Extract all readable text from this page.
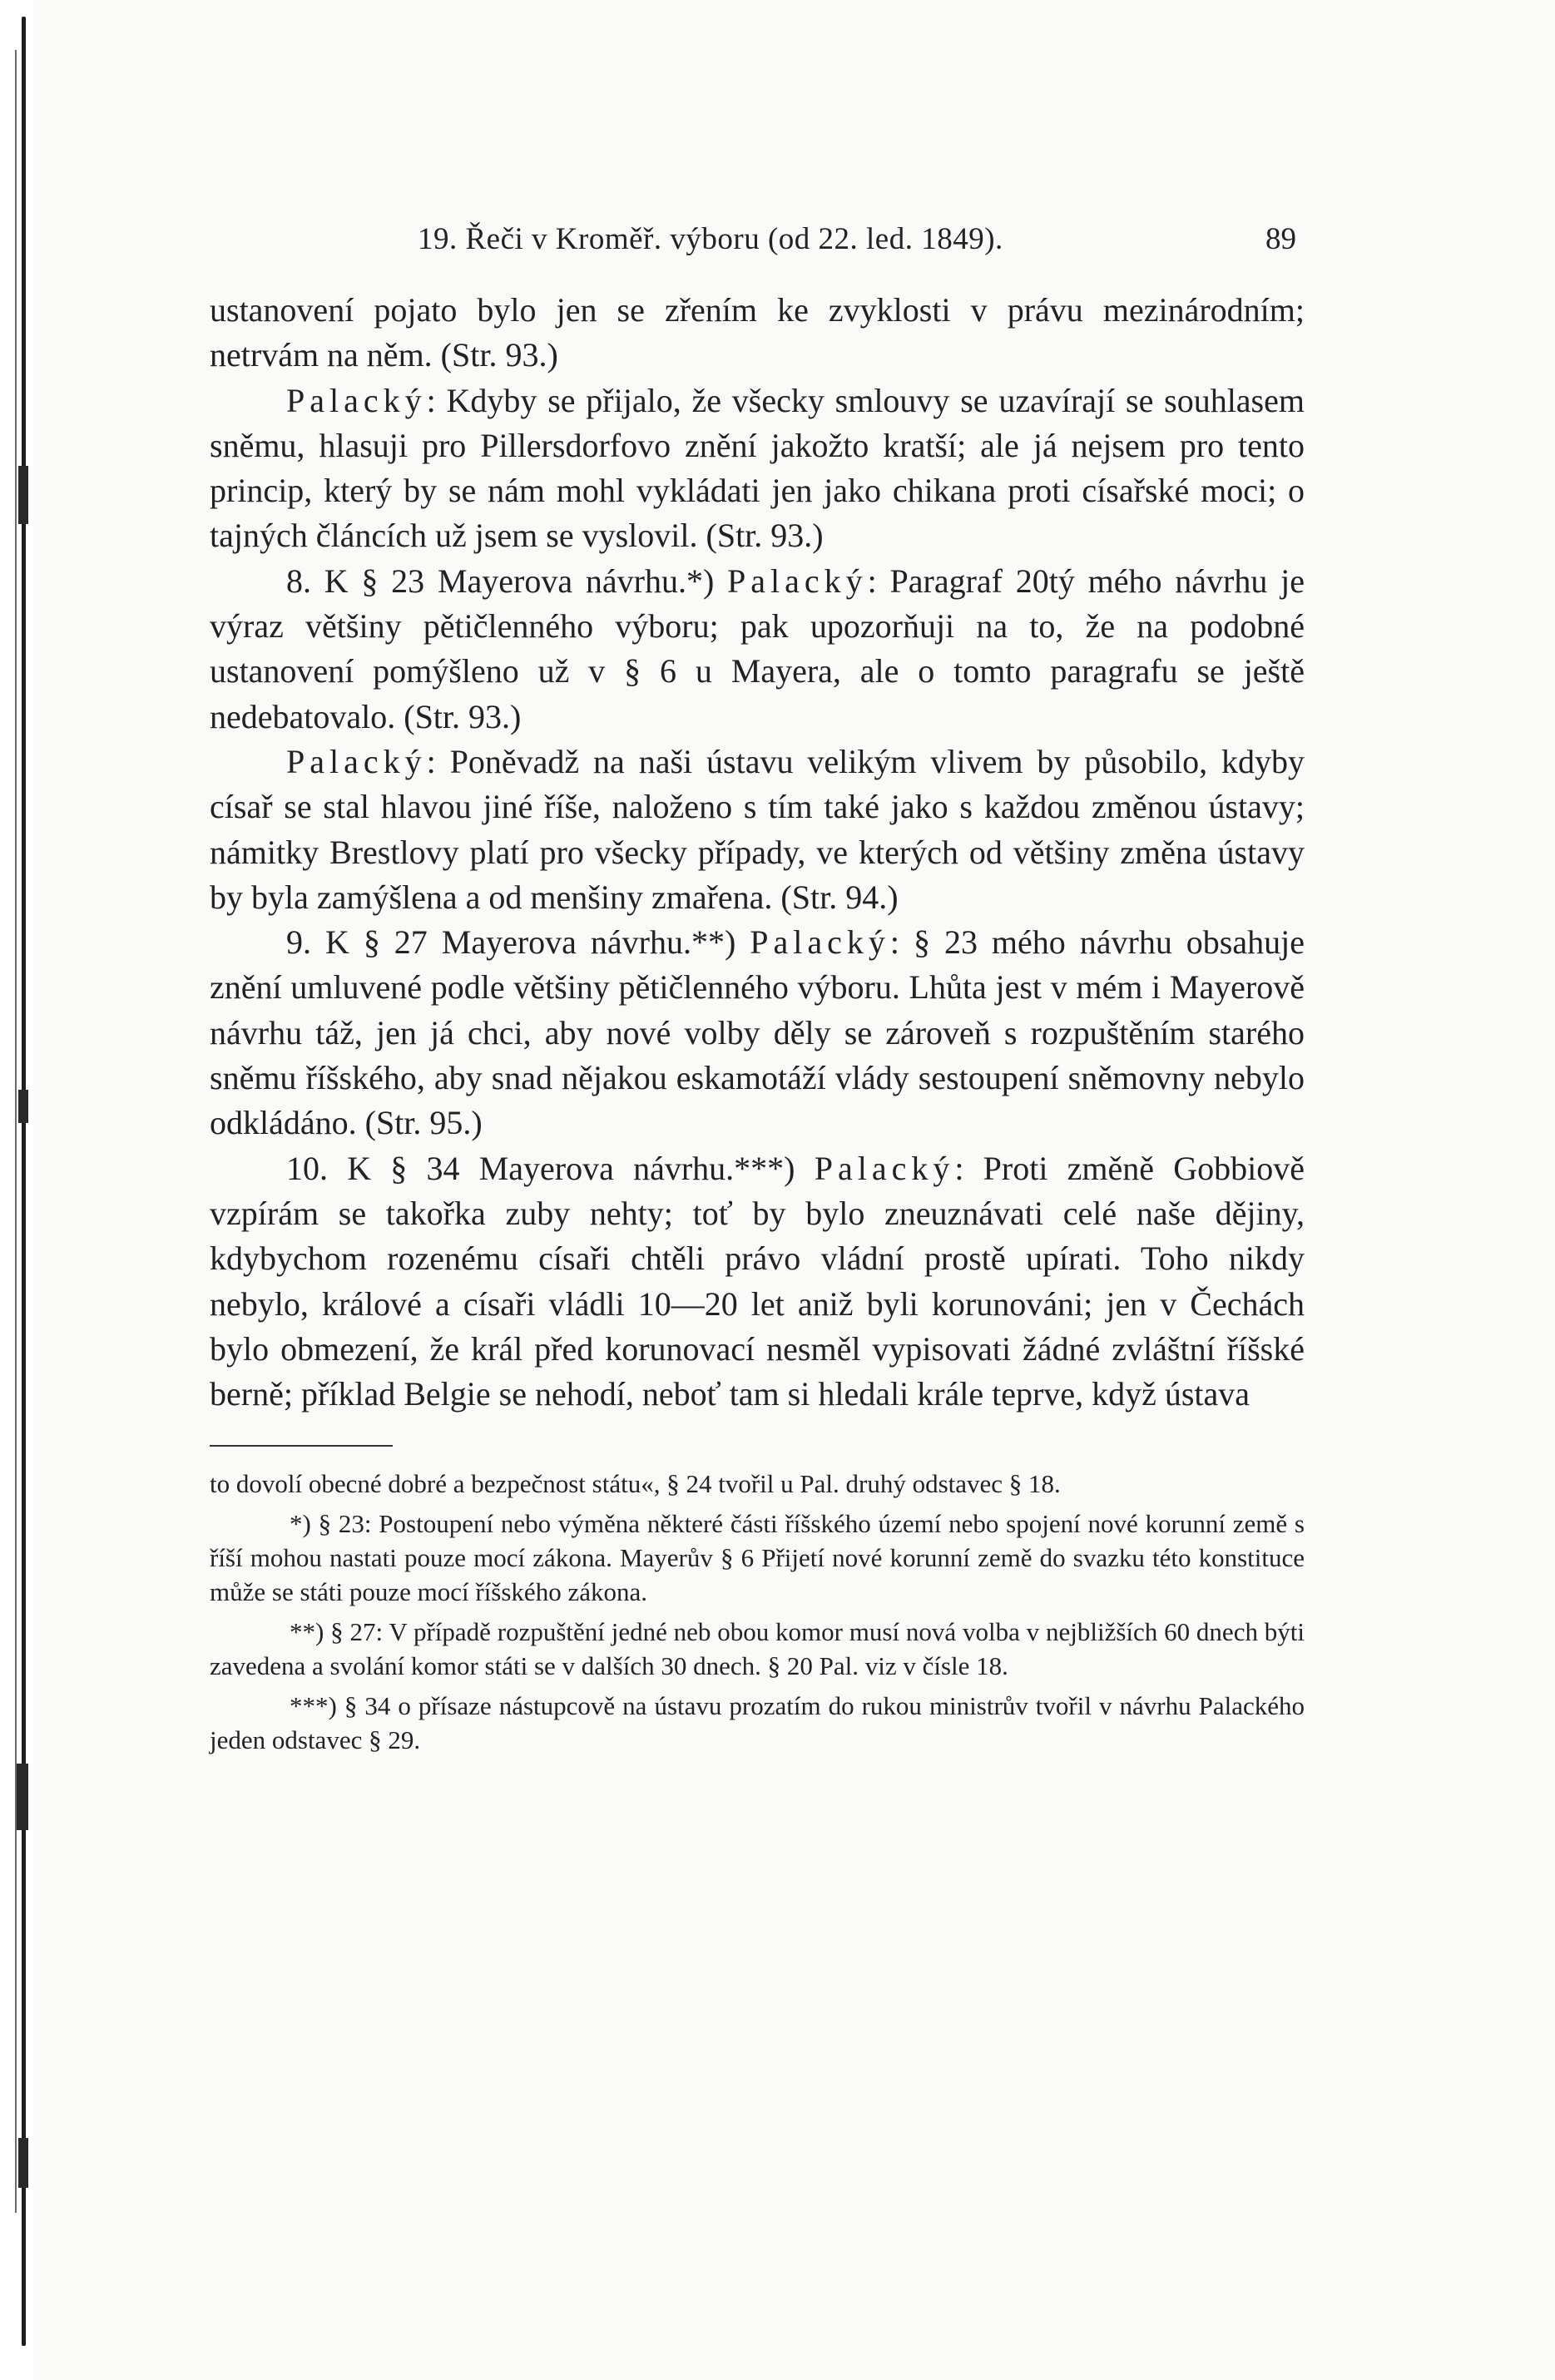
19. Řeči v Kroměř. výboru (od 22. led. 1849).	89

ustanovení pojato bylo jen se zřením ke zvyklosti v právu mezinárodním; netrvám na něm. (Str. 93.)

Palacký: Kdyby se přijalo, že všecky smlouvy se uzavírají se souhlasem sněmu, hlasuji pro Pillersdorfovo znění jakožto kratší; ale já nejsem pro tento princip, který by se nám mohl vykládati jen jako chikana proti císařské moci; o tajných článcích už jsem se vyslovil. (Str. 93.)

8. K § 23 Mayerova návrhu.*) Palacký: Paragraf 20tý mého návrhu je výraz většiny pětičlenného výboru; pak upozorňuji na to, že na podobné ustanovení pomýšleno už v § 6 u Mayera, ale o tomto paragrafu se ještě nedebatovalo. (Str. 93.)

Palacký: Poněvadž na naši ústavu velikým vlivem by působilo, kdyby císař se stal hlavou jiné říše, naloženo s tím také jako s každou změnou ústavy; námitky Brestlovy platí pro všecky případy, ve kterých od většiny změna ústavy by byla zamýšlena a od menšiny zmařena. (Str. 94.)

9. K § 27 Mayerova návrhu.**) Palacký: § 23 mého návrhu obsahuje znění umluvené podle většiny pětičlenného výboru. Lhůta jest v mém i Mayerově návrhu táž, jen já chci, aby nové volby děly se zároveň s rozpuštěním starého sněmu říšského, aby snad nějakou eskamotáží vlády sestoupení sněmovny nebylo odkládáno. (Str. 95.)

10. K § 34 Mayerova návrhu.***) Palacký: Proti změně Gobbiově vzpírám se takořka zuby nehty; toť by bylo zneuznávati celé naše dějiny, kdybychom rozenému císaři chtěli právo vládní prostě upírati. Toho nikdy nebylo, králové a císaři vládli 10—20 let aniž byli korunováni; jen v Čechách bylo obmezení, že král před korunovací nesměl vypisovati žádné zvláštní říšské berně; příklad Belgie se nehodí, neboť tam si hledali krále teprve, když ústava

to dovolí obecné dobré a bezpečnost státu«, § 24 tvořil u Pal. druhý odstavec § 18.

*) § 23: Postoupení nebo výměna některé části říšského území nebo spojení nové korunní země s říší mohou nastati pouze mocí zákona. Mayerův § 6 Přijetí nové korunní země do svazku této konstituce může se státi pouze mocí říšského zákona.

**) § 27: V případě rozpuštění jedné neb obou komor musí nová volba v nejbližších 60 dnech býti zavedena a svolání komor státi se v dalších 30 dnech. § 20 Pal. viz v čísle 18.

***) § 34 o přísaze nástupcově na ústavu prozatím do rukou ministrův tvořil v návrhu Palackého jeden odstavec § 29.
